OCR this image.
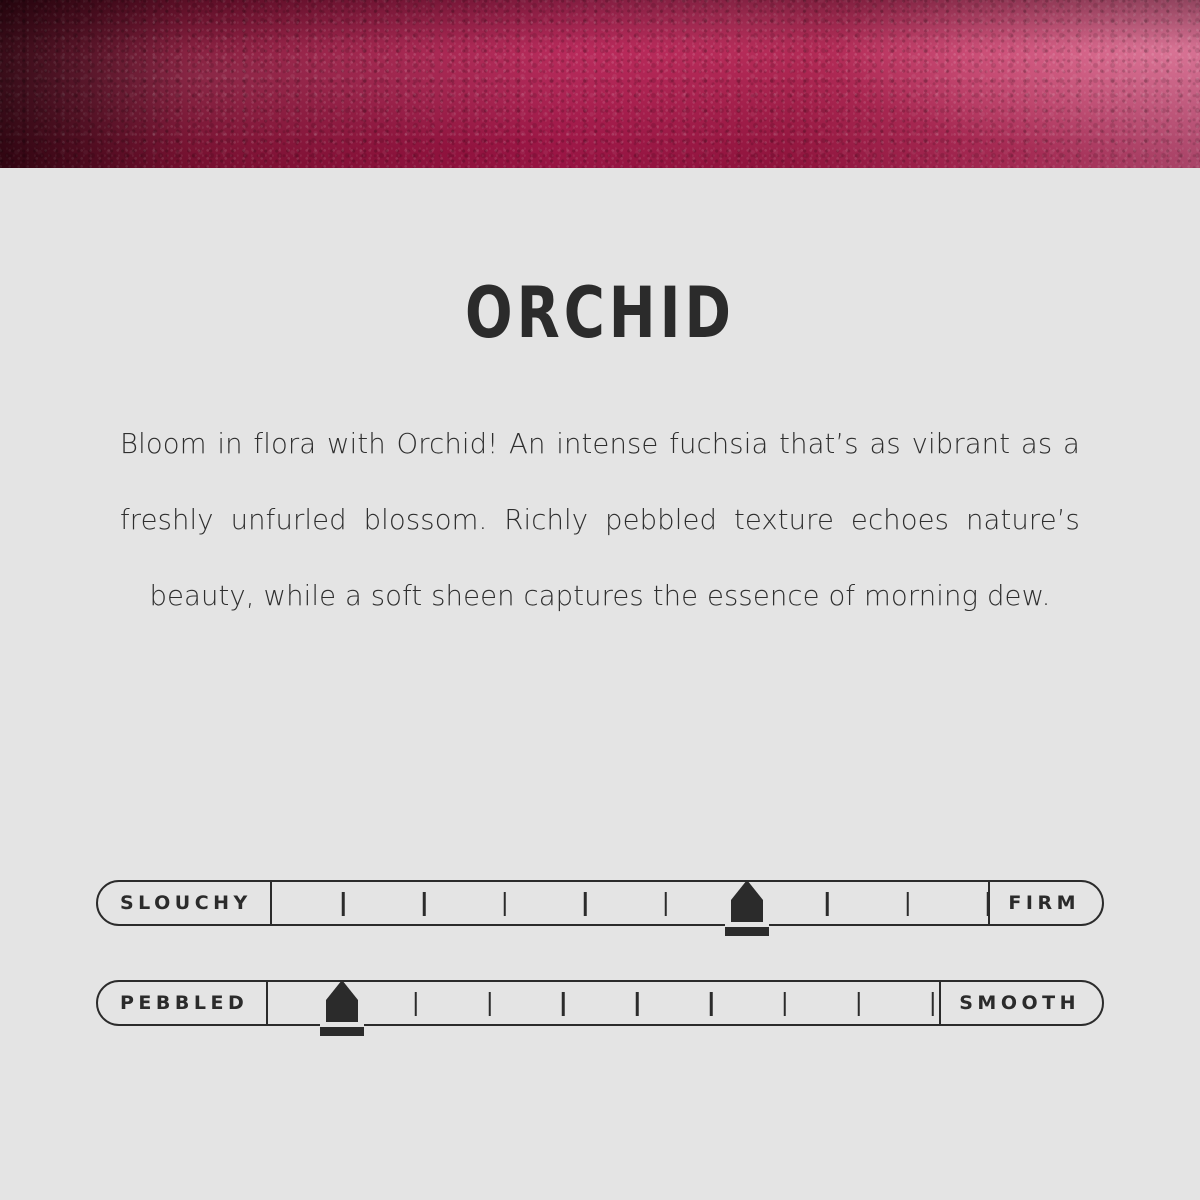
ORCHID

Bloom in flora with Orchid! An intense fuchsia that’s as vibrant as a freshly unfurled blossom. Richly pebbled texture echoes nature’s beauty, while a soft sheen captures the essence of morning dew.

SLOUCHY	FIRM
PEBBLED	SMOOTH
